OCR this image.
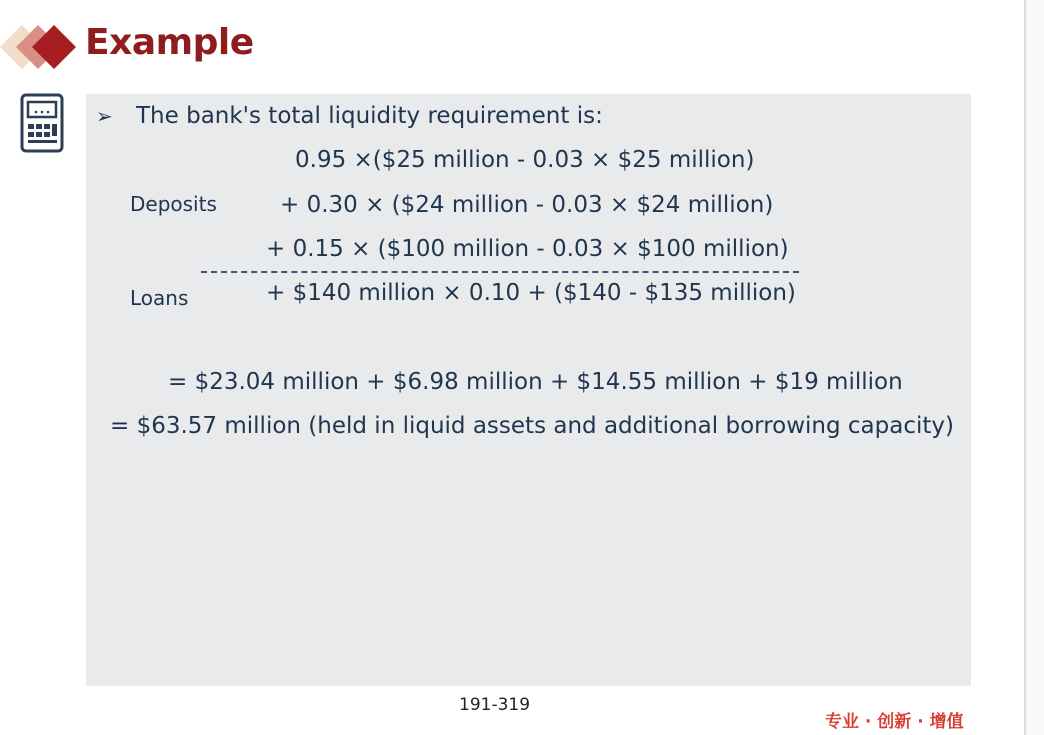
Example
➢ The bank's total liquidity requirement is:
0.95 ×($25 million - 0.03 × $25 million)
Deposits	+ 0.30 × ($24 million - 0.03 × $24 million)
+ 0.15 × ($100 million - 0.03 × $100 million)
Loans	+ $140 million × 0.10 + ($140 - $135 million)
= $23.04 million + $6.98 million + $14.55 million + $19 million
= $63.57 million (held in liquid assets and additional borrowing capacity)
191-319
专业 · 创新 · 增值
